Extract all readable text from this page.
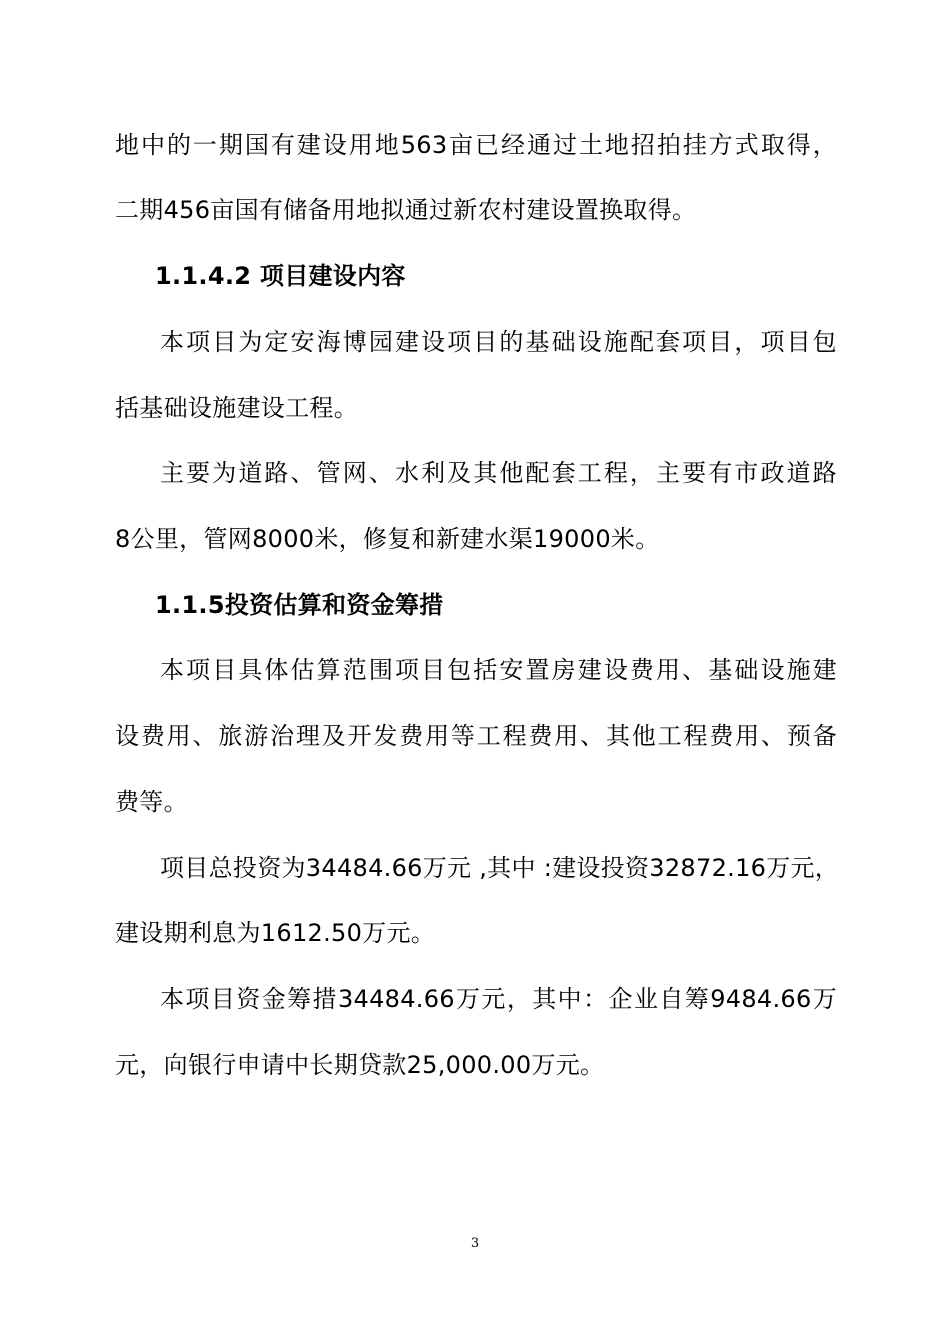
地中的一期国有建设用地563亩已经通过土地招拍挂方式取得，
二期456亩国有储备用地拟通过新农村建设置换取得。
1.1.4.2 项目建设内容
本项目为定安海博园建设项目的基础设施配套项目，项目包
括基础设施建设工程。
主要为道路、管网、水利及其他配套工程，主要有市政道路
8公里，管网8000米，修复和新建水渠19000米。
1.1.5投资估算和资金筹措
本项目具体估算范围项目包括安置房建设费用、基础设施建
设费用、旅游治理及开发费用等工程费用、其他工程费用、预备
费等。
项目总投资为34484.66万元 ,其中 :建设投资32872.16万元，
建设期利息为1612.50万元。
本项目资金筹措34484.66万元，其中：企业自筹9484.66万
元，向银行申请中长期贷款25,000.00万元。
3
